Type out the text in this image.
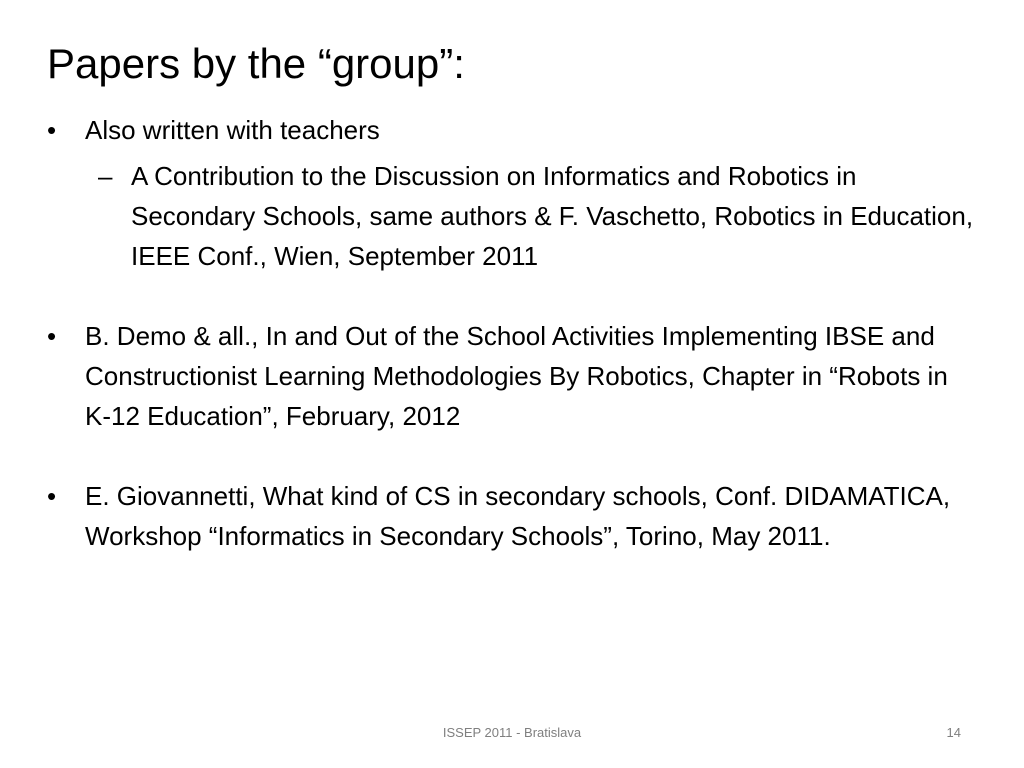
Papers by the “group”:
•	Also written with teachers
– A Contribution to the Discussion on Informatics and Robotics in Secondary Schools, same authors & F. Vaschetto, Robotics in Education, IEEE Conf., Wien, September 2011
•	B. Demo & all., In and Out of the School Activities Implementing IBSE and Constructionist Learning Methodologies By Robotics, Chapter in “Robots in K-12 Education”, February, 2012
•	E. Giovannetti, What kind of CS in secondary schools, Conf. DIDAMATICA, Workshop “Informatics in Secondary Schools”, Torino, May 2011.
ISSEP 2011 - Bratislava	14
